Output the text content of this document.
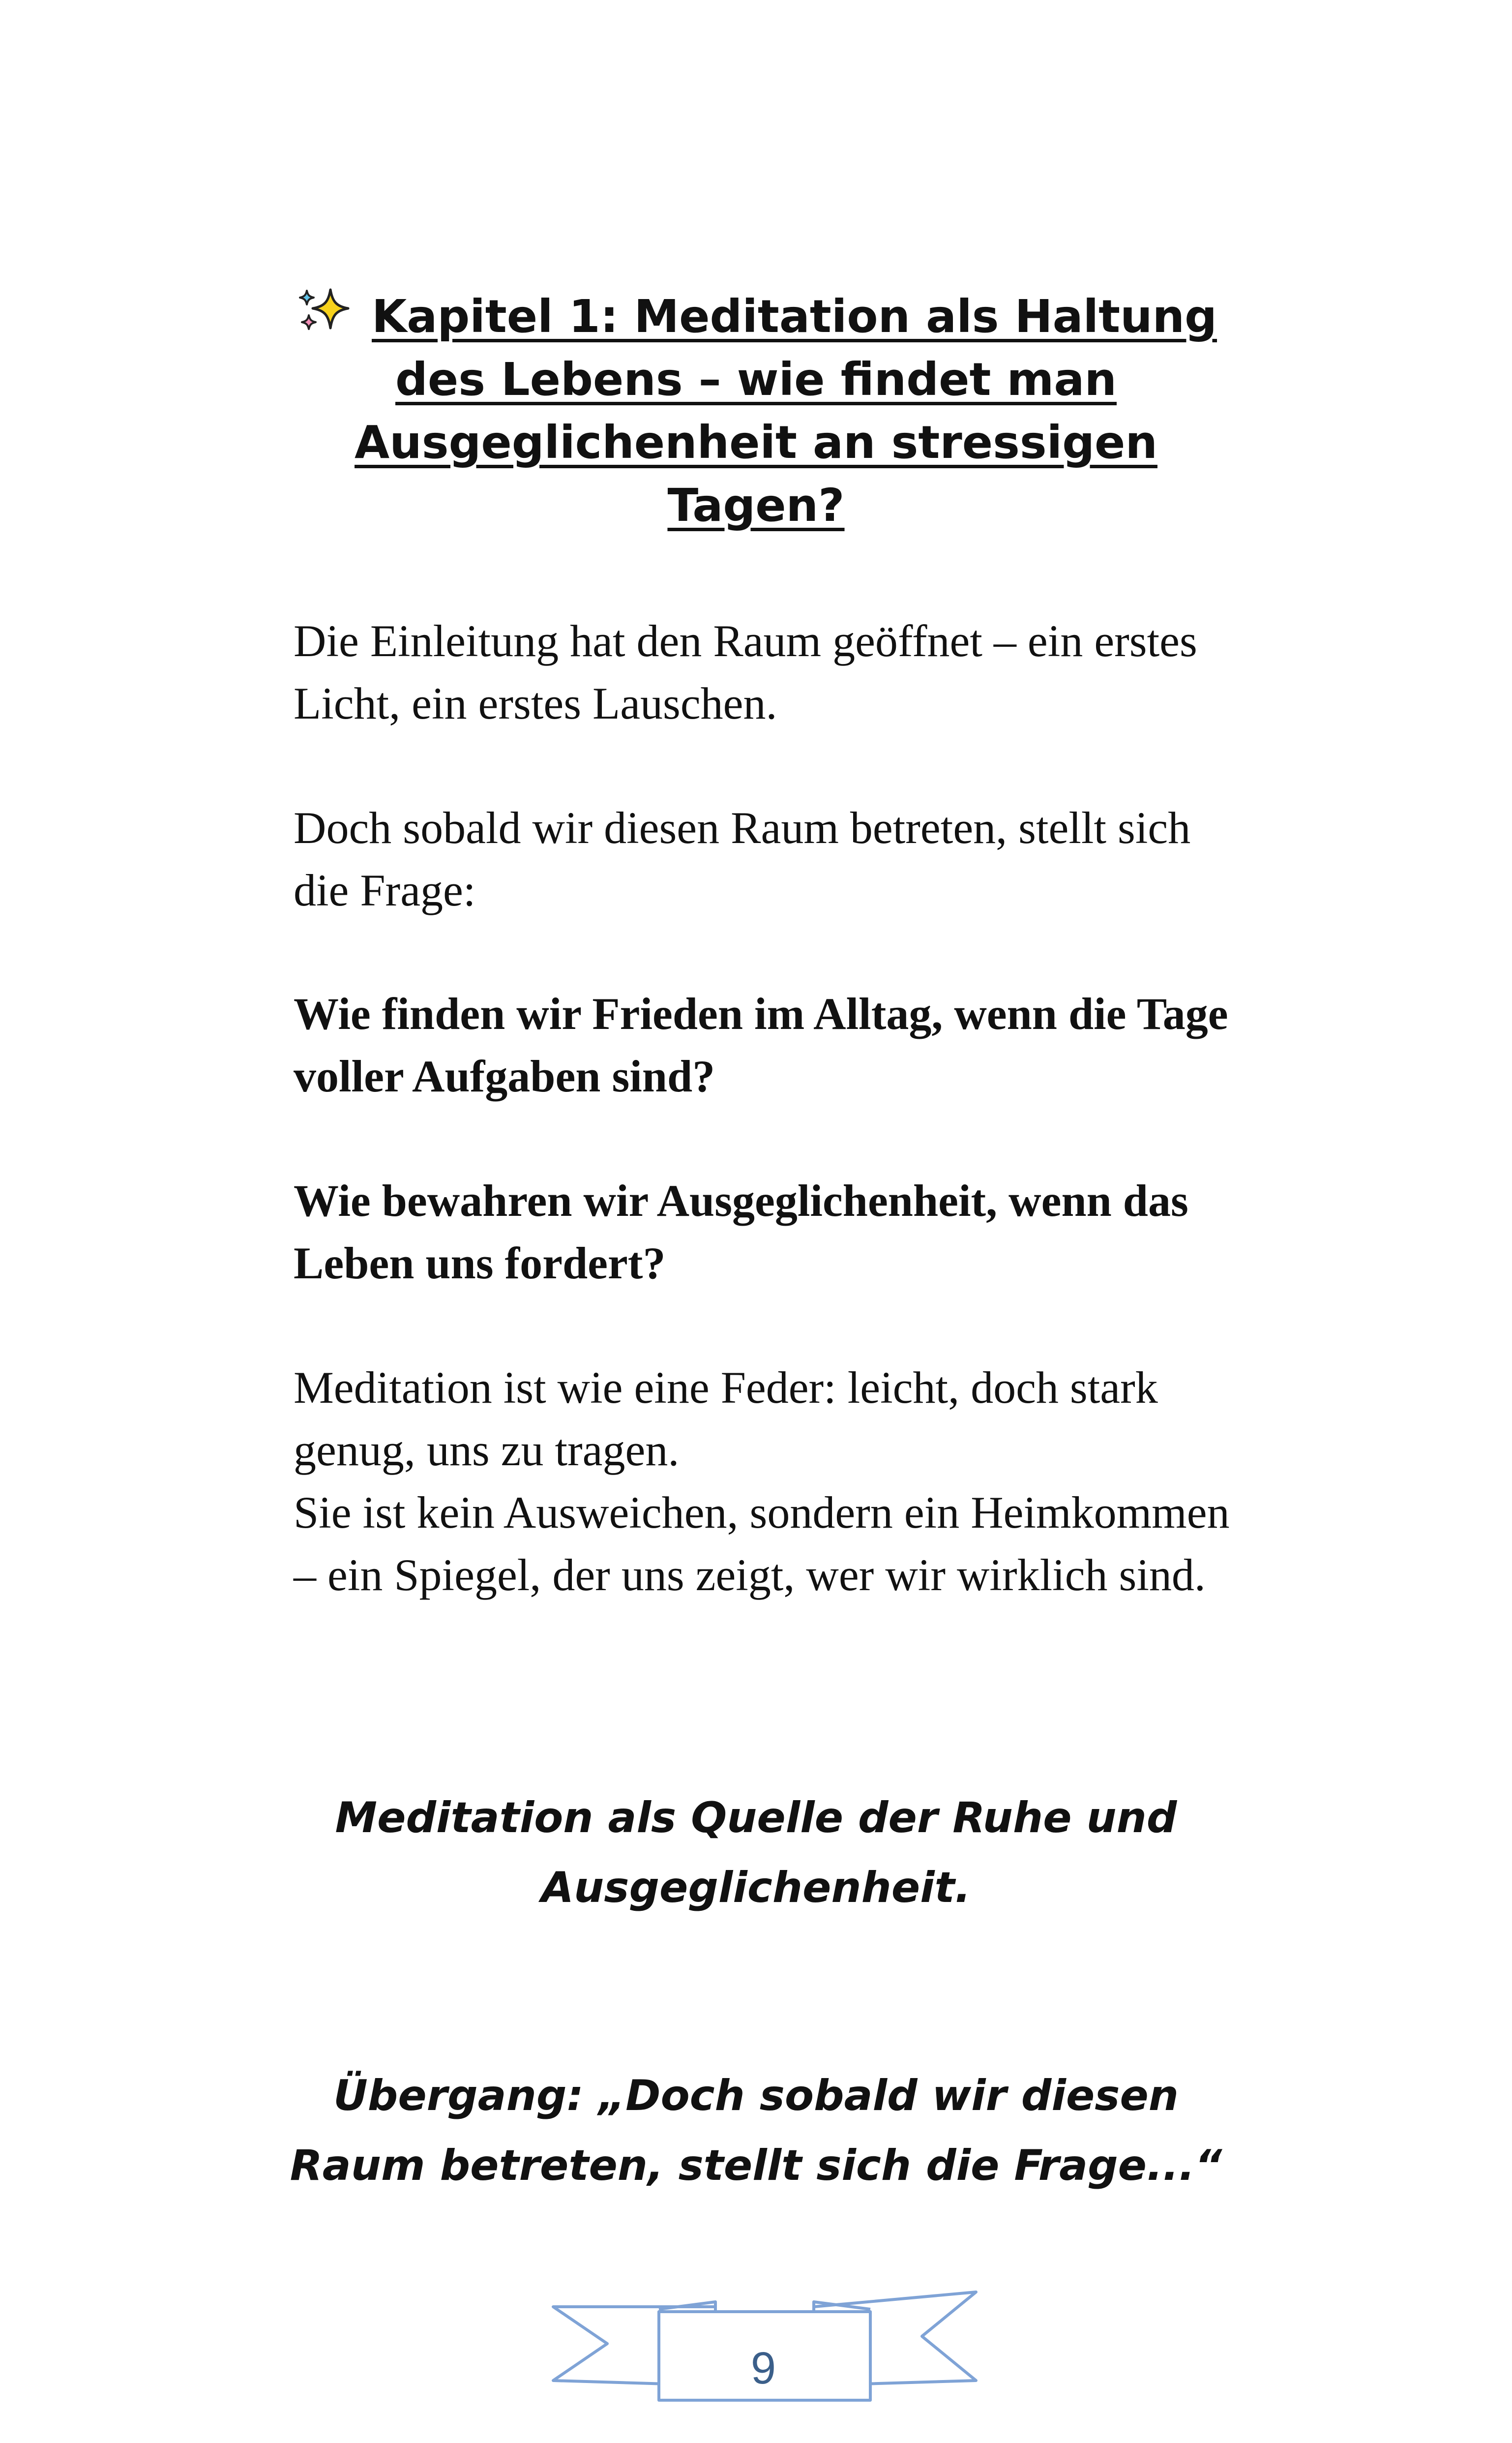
Kapitel 1: Meditation als Haltung des Lebens – wie findet man Ausgeglichenheit an stressigen Tagen?

Die Einleitung hat den Raum geöffnet – ein erstes Licht, ein erstes Lauschen.

Doch sobald wir diesen Raum betreten, stellt sich die Frage:

Wie finden wir Frieden im Alltag, wenn die Tage voller Aufgaben sind?

Wie bewahren wir Ausgeglichenheit, wenn das Leben uns fordert?

Meditation ist wie eine Feder: leicht, doch stark genug, uns zu tragen.

Sie ist kein Ausweichen, sondern ein Heimkommen – ein Spiegel, der uns zeigt, wer wir wirklich sind.

Meditation als Quelle der Ruhe und Ausgeglichenheit.

Übergang: „Doch sobald wir diesen Raum betreten, stellt sich die Frage...“

9
